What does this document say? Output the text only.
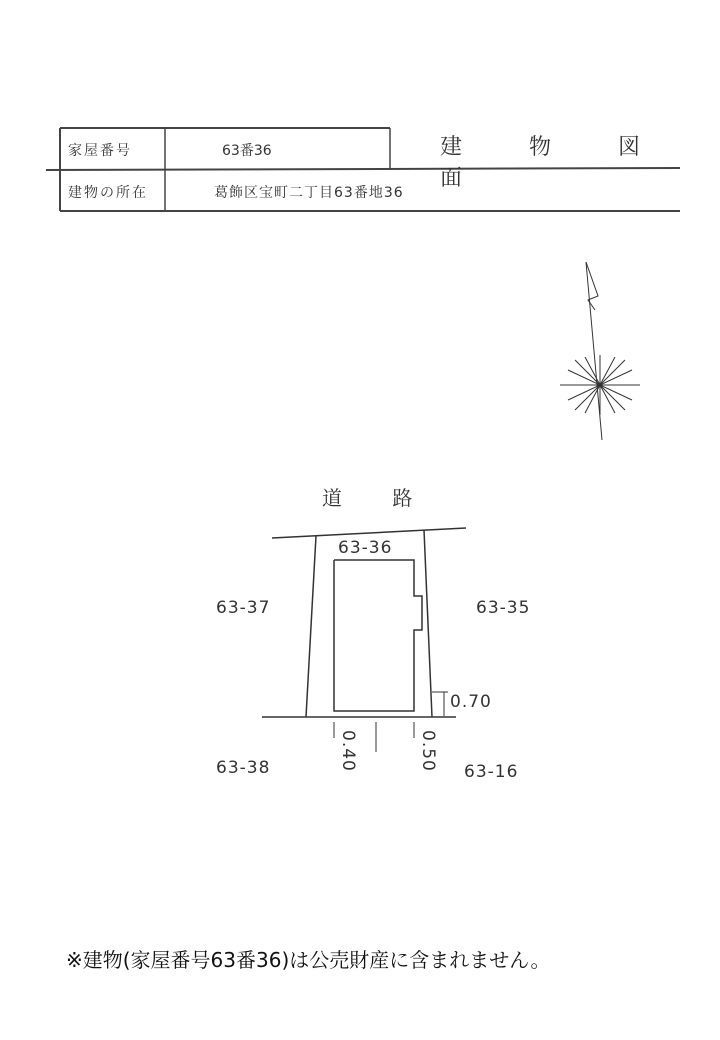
家屋番号	63番36
建物の所在	葛飾区宝町二丁目63番地36
建 物 図 面
道 路
63-36
63-37	63-35
63-38	63-16
0.70
0.40	0.50
※建物(家屋番号63番36)は公売財産に含まれません。
